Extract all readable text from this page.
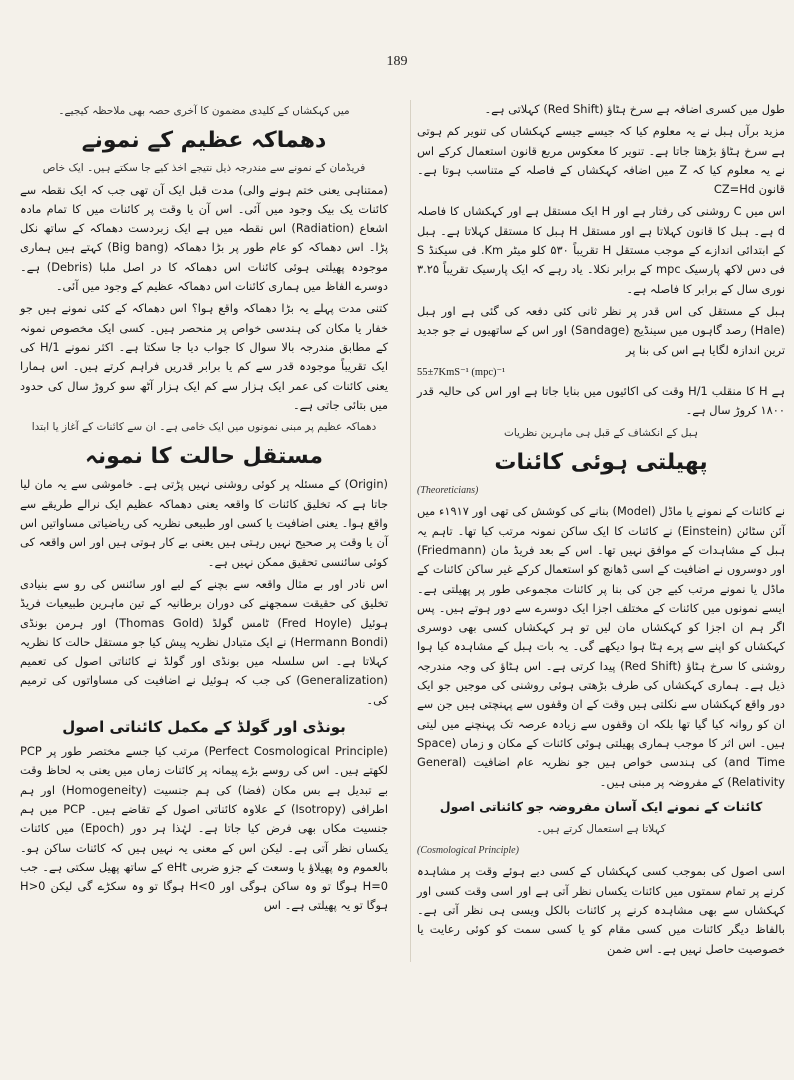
189

طول میں کسری اضافہ ہے سرخ ہٹاؤ (Red Shift) کہلاتی ہے۔

مزید برآں ہبل نے یہ معلوم کیا کہ جیسے جیسے کہکشاں کی تنویر کم ہوتی ہے سرخ ہٹاؤ بڑھتا جاتا ہے۔ تنویر کا معکوس مربع قانون استعمال کرکے اس نے یہ معلوم کیا کہ Z میں اضافہ کہکشاں کے فاصلہ کے متناسب ہوتا ہے۔ قانون CZ=Hd

اس میں C روشنی کی رفتار ہے اور H ایک مستقل ہے اور کہکشاں کا فاصلہ d ہے۔ ہبل کا قانون کہلاتا ہے اور مستقل H ہبل کا مستقل کہلاتا ہے۔ ہبل کے ابتدائی اندازے کے موجب مستقل H تقریباً ۵۳۰ کلو میٹر Km. فی سیکنڈ S فی دس لاکھ پارسیک mpc کے برابر نکلا۔ یاد رہے کہ ایک پارسیک تقریباً ۳.۲۵ نوری سال کے برابر کا فاصلہ ہے۔

ہبل کے مستقل کی اس قدر پر نظر ثانی کئی دفعہ کی گئی ہے اور ہبل (Hale) رصد گاہوں میں سینڈیج (Sandage) اور اس کے ساتھیوں نے جو جدید ترین اندازہ لگایا ہے اس کی بنا پر

55±7KmS⁻¹ (mpc)⁻¹

ہے H کا منقلب 1/H وقت کی اکائیوں میں بنایا جاتا ہے اور اس کی حالیہ قدر ۱۸۰۰ کروڑ سال ہے۔

ہبل کے انکشاف کے قبل ہی ماہرین نظریات
پھیلتی ہوئی کائنات
(Theoreticians)

نے کائنات کے نمونے یا ماڈل (Model) بنانے کی کوشش کی تھی اور ۱۹۱۷ء میں آئن سٹائن (Einstein) نے کائنات کا ایک ساکن نمونہ مرتب کیا تھا۔ تاہم یہ ہبل کے مشاہدات کے موافق نہیں تھا۔ اس کے بعد فریڈ مان (Friedmann) اور دوسروں نے اضافیت کے اسی ڈھانچ کو استعمال کرکے غیر ساکن کائنات کے ماڈل یا نمونے مرتب کیے جن کی بنا پر کائنات مجموعی طور پر پھیلتی ہے۔ ایسے نمونوں میں کائنات کے مختلف اجزا ایک دوسرے سے دور ہوتے ہیں۔ پس اگر ہم ان اجزا کو کہکشاں مان لیں تو ہر کہکشاں کسی بھی دوسری کہکشاں کو اپنے سے پرے ہٹا ہوا دیکھے گی۔ یہ بات ہبل کے مشاہدہ کیا ہوا روشنی کا سرخ ہٹاؤ (Red Shift) پیدا کرتی ہے۔ اس ہٹاؤ کی وجہ مندرجہ ذیل ہے۔ ہماری کہکشاں کی طرف بڑھتی ہوئی روشنی کی موجیں جو ایک دور واقع کہکشاں سے نکلتی ہیں وقت کے ان وقفوں سے پہنچتی ہیں جن سے ان کو روانہ کیا گیا تھا بلکہ ان وقفوں سے زیادہ عرصہ تک پہنچنے میں لیتی ہیں۔ اس اثر کا موجب ہماری پھیلتی ہوئی کائنات کے مکان و زماں (Space and Time) کی ہندسی خواص ہیں جو نظریہ عام اضافیت (General Relativity) کے مفروضہ پر مبنی ہیں۔

کائنات کے نمونے ایک آسان مفروضہ جو کائناتی اصول
کہلاتا ہے استعمال کرتے ہیں۔
(Cosmological Principle)

اسی اصول کی بموجب کسی کہکشاں کے کسی دیے ہوئے وقت پر مشاہدہ کرنے پر تمام سمتوں میں کائنات یکساں نظر آتی ہے اور اسی وقت کسی اور کہکشاں سے بھی مشاہدہ کرنے پر کائنات بالکل ویسی ہی نظر آتی ہے۔ بالفاظ دیگر کائنات میں کسی مقام کو یا کسی سمت کو کوئی رعایت یا خصوصیت حاصل نہیں ہے۔ اس ضمن

میں کہکشاں کے کلیدی مضمون کا آخری حصہ بھی ملاحظہ کیجیے۔
دھماکہ عظیم کے نمونے
فریڈمان کے نمونے سے مندرجہ ذیل نتیجے اخذ کیے جا سکتے ہیں۔ ایک خاص

(ممتناہی یعنی ختم ہونے والی) مدت قبل ایک آن تھی جب کہ ایک نقطہ سے کائنات یک بیک وجود میں آئی۔ اس آن یا وقت پر کائنات میں کا تمام مادہ اشعاع (Radiation) اس نقطہ میں ہے ایک زبردست دھماکہ کے ساتھ نکل پڑا۔ اس دھماکہ کو عام طور پر بڑا دھماکہ (Big bang) کہتے ہیں ہماری موجودہ پھیلتی ہوئی کائنات اس دھماکہ کا در اصل ملبا (Debris) ہے۔ دوسرے الفاظ میں ہماری کائنات اس دھماکہ عظیم کے وجود میں آئی۔

کتنی مدت پہلے یہ بڑا دھماکہ واقع ہوا؟ اس دھماکہ کے کئی نمونے ہیں جو خفار یا مکان کی ہندسی خواص پر منحصر ہیں۔ کسی ایک مخصوص نمونہ کے مطابق مندرجہ بالا سوال کا جواب دیا جا سکتا ہے۔ اکثر نمونے 1/H کی ایک تقریباً موجودہ قدر سے کم یا برابر قدریں فراہم کرتے ہیں۔ اس ہمارا یعنی کائنات کی عمر ایک ہزار سے کم ایک ہزار آٹھ سو کروڑ سال کی حدود میں بتائی جاتی ہے۔

دھماکہ عظیم پر مبنی نمونوں میں ایک خامی ہے۔ ان سے کائنات کے آغاز یا ابتدا
مستقل حالت کا نمونہ

(Origin) کے مسئلہ پر کوئی روشنی نہیں پڑتی ہے۔ خاموشی سے یہ مان لیا جاتا ہے کہ تخلیق کائنات کا واقعہ یعنی دھماکہ عظیم ایک نرالے طریقے سے واقع ہوا۔ یعنی اضافیت یا کسی اور طبیعی نظریہ کی ریاضیاتی مساواتیں اس آن یا وقت پر صحیح نہیں رہتی ہیں یعنی بے کار ہوتی ہیں اور اس واقعہ کی کوئی سائنسی تحقیق ممکن نہیں ہے۔

اس نادر اور بے مثال واقعہ سے بچنے کے لیے اور سائنس کی رو سے بنیادی تخلیق کی حقیقت سمجھنے کی دوران برطانیہ کے تین ماہرین طبیعیات فریڈ ہوئیل (Fred Hoyle) ٹامس گولڈ (Thomas Gold) اور ہرمن بونڈی (Hermann Bondi) نے ایک متبادل نظریہ پیش کیا جو مستقل حالت کا نظریہ کہلاتا ہے۔ اس سلسلہ میں بونڈی اور گولڈ نے کائناتی اصول کی تعمیم (Generalization) کی جب کہ ہوئیل نے اضافیت کی مساواتوں کی ترمیم کی۔

بونڈی اور گولڈ کے مکمل کائناتی اصول

(Perfect Cosmological Principle) مرتب کیا جسے مختصر طور پر PCP لکھتے ہیں۔ اس کی روسے بڑے پیمانہ پر کائنات زماں میں یعنی بہ لحاظ وقت بے تبدیل ہے بس مکان (فضا) کی ہم جنسیت (Homogeneity) اور ہم اطرافی (Isotropy) کے علاوہ کائناتی اصول کے تقاضے ہیں۔ PCP میں ہم جنسیت مکاں بھی فرض کیا جاتا ہے۔ لہٰذا ہر دور (Epoch) میں کائنات یکساں نظر آتی ہے۔ لیکن اس کے معنی یہ نہیں ہیں کہ کائنات ساکن ہو۔ بالعموم وہ پھیلاؤ یا وسعت کے جزو ضربی eHt کے ساتھ پھیل سکتی ہے۔ جب H=0 ہوگا تو وہ ساکن ہوگی اور H<0 ہوگا تو وہ سکڑے گی لیکن H>0 ہوگا تو یہ پھیلتی ہے۔ اس
